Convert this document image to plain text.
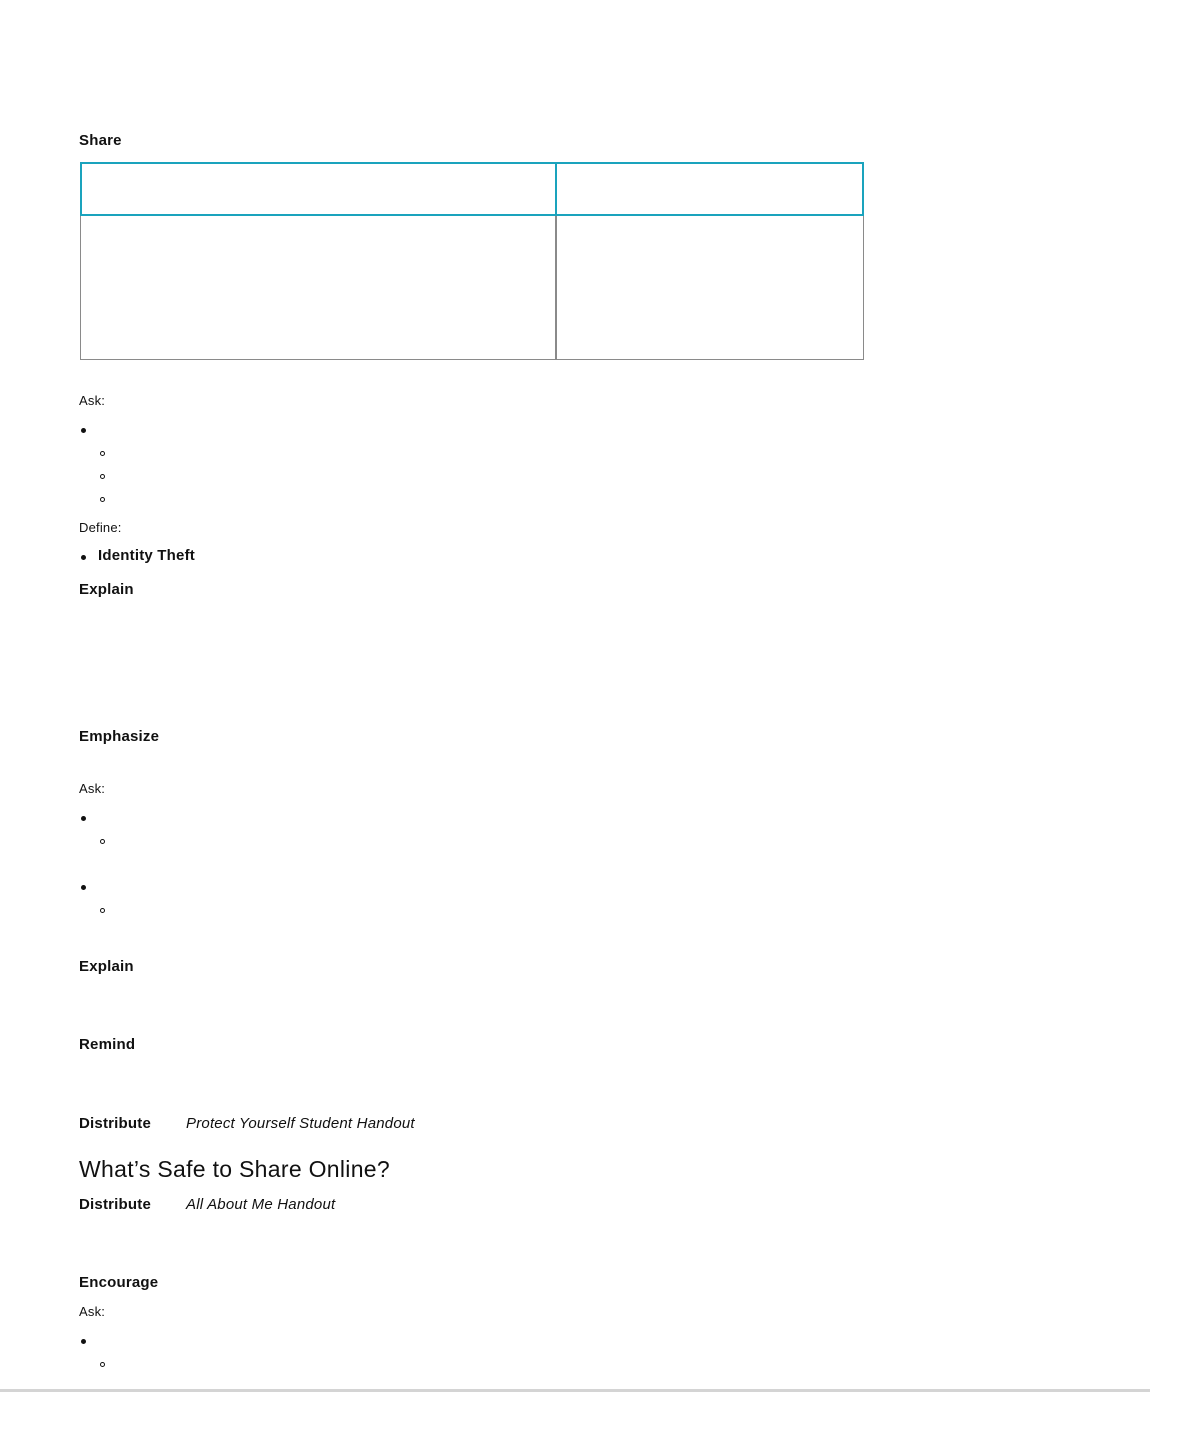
Share
Ask:
Define:
Identity Theft
Explain
Emphasize
Ask:
Explain
Remind
Distribute Protect Yourself Student Handout
What’s Safe to Share Online?
Distribute All About Me Handout
Encourage
Ask:
